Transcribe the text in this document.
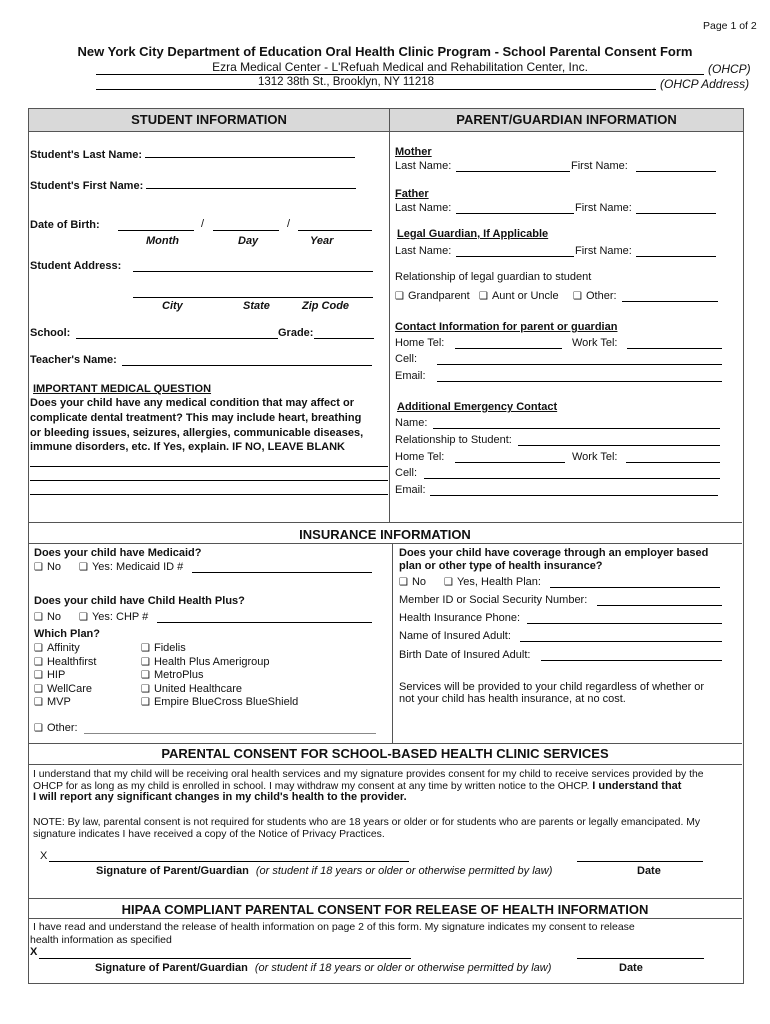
Page 1 of 2
New York City Department of Education Oral Health Clinic Program - School Parental Consent Form
Ezra Medical Center - L'Refuah Medical and Rehabilitation Center, Inc.	(OHCP)
1312 38th St., Brooklyn, NY 11218	(OHCP Address)
STUDENT INFORMATION	PARENT/GUARDIAN INFORMATION
Student's Last Name:
Student's First Name:
Date of Birth:	/	/
Month	Day	Year
Student Address:
City	State	Zip Code
School:	Grade:
Teacher's Name:
IMPORTANT MEDICAL QUESTION
Does your child have any medical condition that may affect or
complicate dental treatment? This may include heart, breathing
or bleeding issues, seizures, allergies, communicable diseases,
immune disorders, etc. If Yes, explain. IF NO, LEAVE BLANK
Mother
Last Name:	First Name:
Father
Last Name:	First Name:
Legal Guardian, If Applicable
Last Name:	First Name:
Relationship of legal guardian to student
❑ Grandparent ❑ Aunt or Uncle ❑ Other:
Contact Information for parent or guardian
Home Tel:	Work Tel:
Cell:
Email:
Additional Emergency Contact
Name:
Relationship to Student:
Home Tel:	Work Tel:
Cell:
Email:
INSURANCE INFORMATION
Does your child have Medicaid?
❑ No ❑ Yes: Medicaid ID #
Does your child have Child Health Plus?
❑ No ❑ Yes: CHP #
Which Plan?
❑ Affinity
❑ Healthfirst
❑ HIP
❑ WellCare
❑ MVP
❑ Fidelis
❑ Health Plus Amerigroup
❑ MetroPlus
❑ United Healthcare
❑ Empire BlueCross BlueShield
❑ Other:
Does your child have coverage through an employer based
plan or other type of health insurance?
❑ No ❑ Yes, Health Plan:
Member ID or Social Security Number:
Health Insurance Phone:
Name of Insured Adult:
Birth Date of Insured Adult:
Services will be provided to your child regardless of whether or
not your child has health insurance, at no cost.
PARENTAL CONSENT FOR SCHOOL-BASED HEALTH CLINIC SERVICES
I understand that my child will be receiving oral health services and my signature provides consent for my child to receive services provided by the
OHCP for as long as my child is enrolled in school. I may withdraw my consent at any time by written notice to the OHCP. I understand that
I will report any significant changes in my child's health to the provider.
NOTE: By law, parental consent is not required for students who are 18 years or older or for students who are parents or legally emancipated. My
signature indicates I have received a copy of the Notice of Privacy Practices.
X
Signature of Parent/Guardian (or student if 18 years or older or otherwise permitted by law)	Date
HIPAA COMPLIANT PARENTAL CONSENT FOR RELEASE OF HEALTH INFORMATION
I have read and understand the release of health information on page 2 of this form. My signature indicates my consent to release
health information as specified
X
Signature of Parent/Guardian (or student if 18 years or older or otherwise permitted by law)	Date
